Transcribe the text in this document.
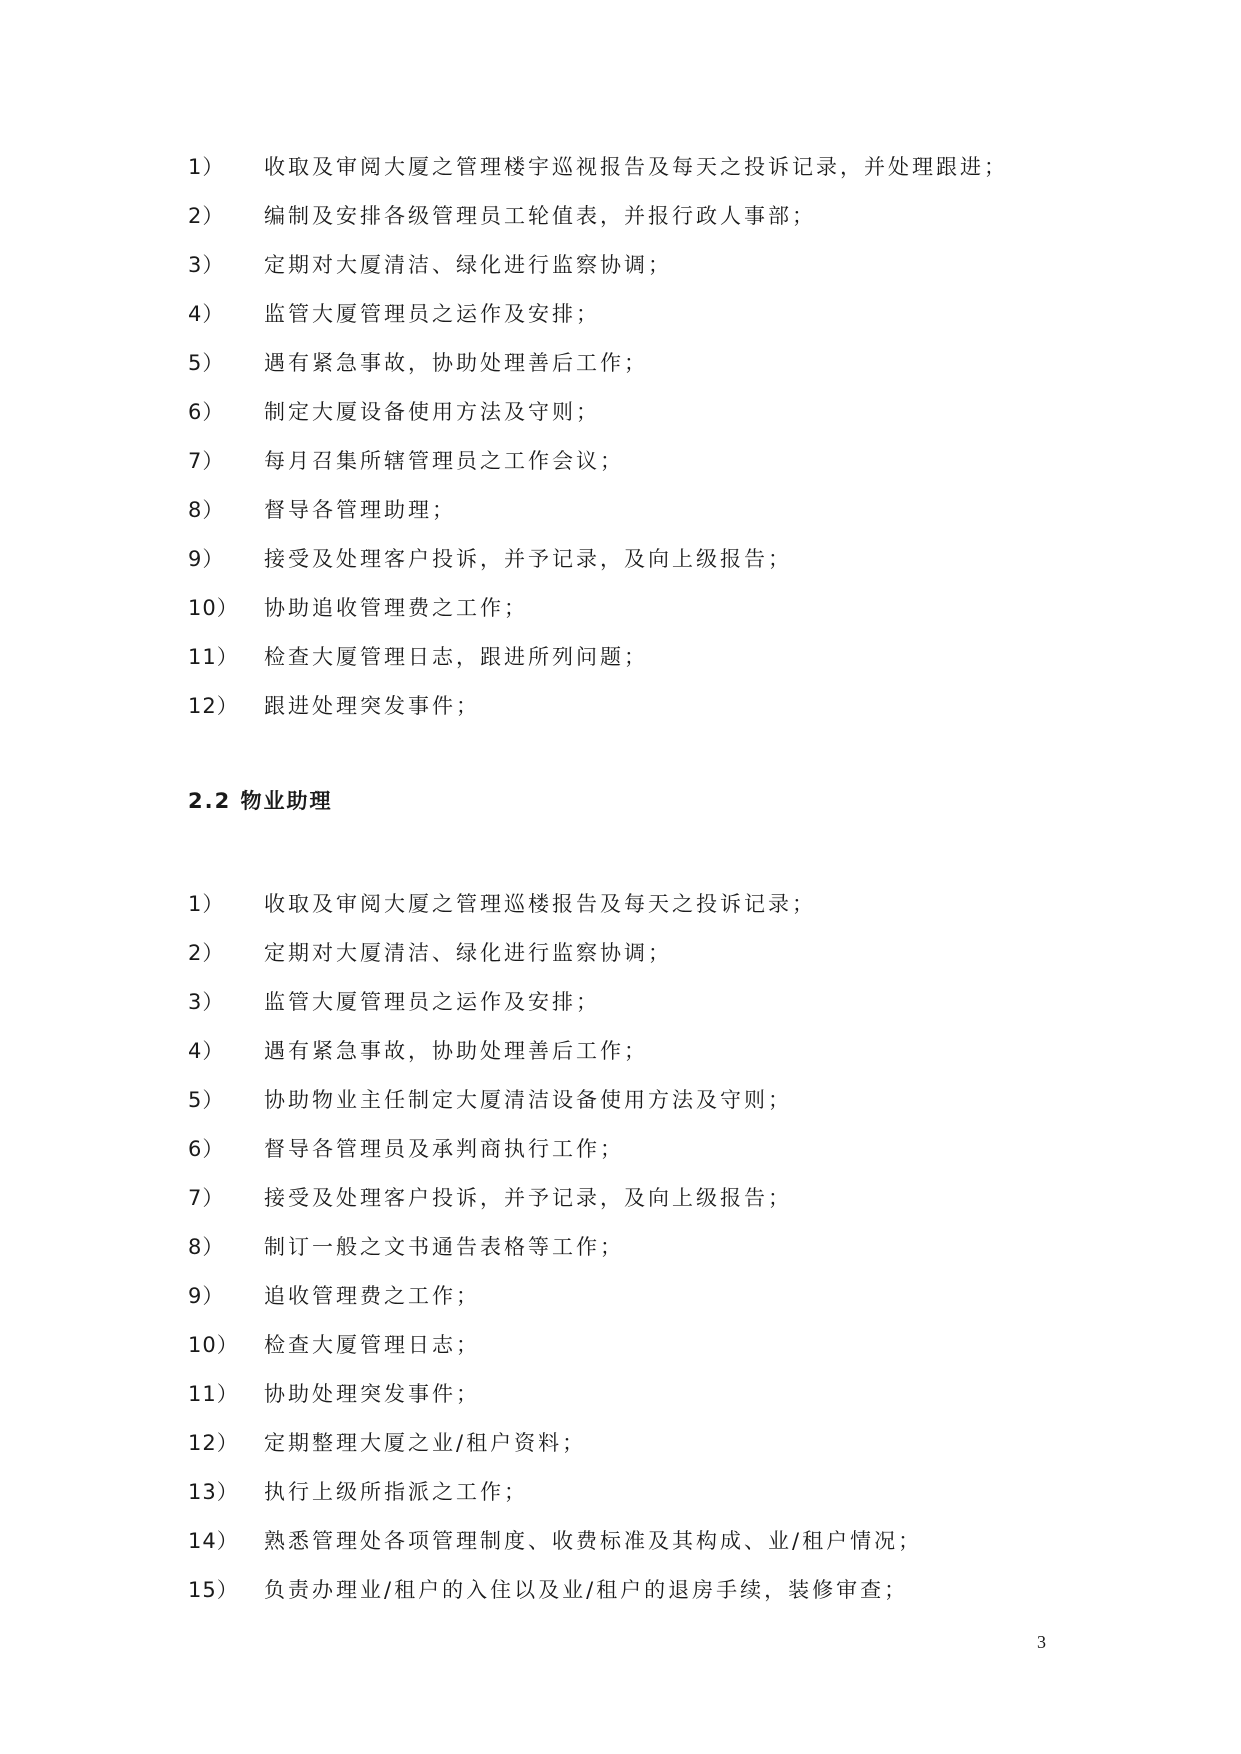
1） 收取及审阅大厦之管理楼宇巡视报告及每天之投诉记录，并处理跟进；
2） 编制及安排各级管理员工轮值表，并报行政人事部；
3） 定期对大厦清洁、绿化进行监察协调；
4） 监管大厦管理员之运作及安排；
5） 遇有紧急事故，协助处理善后工作；
6） 制定大厦设备使用方法及守则；
7） 每月召集所辖管理员之工作会议；
8） 督导各管理助理；
9） 接受及处理客户投诉，并予记录，及向上级报告；
10） 协助追收管理费之工作；
11） 检查大厦管理日志，跟进所列问题；
12） 跟进处理突发事件；
2.2 物业助理
1） 收取及审阅大厦之管理巡楼报告及每天之投诉记录；
2） 定期对大厦清洁、绿化进行监察协调；
3） 监管大厦管理员之运作及安排；
4） 遇有紧急事故，协助处理善后工作；
5） 协助物业主任制定大厦清洁设备使用方法及守则；
6） 督导各管理员及承判商执行工作；
7） 接受及处理客户投诉，并予记录，及向上级报告；
8） 制订一般之文书通告表格等工作；
9） 追收管理费之工作；
10） 检查大厦管理日志；
11） 协助处理突发事件；
12） 定期整理大厦之业/租户资料；
13） 执行上级所指派之工作；
14） 熟悉管理处各项管理制度、收费标准及其构成、业/租户情况；
15） 负责办理业/租户的入住以及业/租户的退房手续，装修审查；
3
